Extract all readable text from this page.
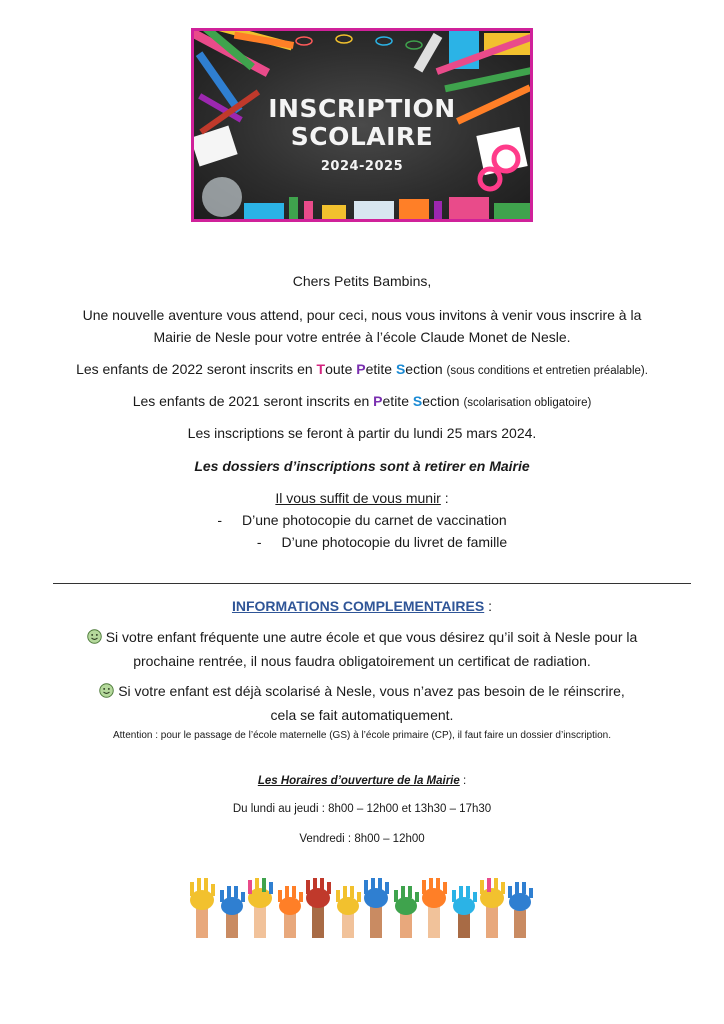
INSCRIPTION
SCOLAIRE
2024-2025
Chers Petits Bambins,
Une nouvelle aventure vous attend, pour ceci, nous vous invitons à venir vous inscrire à la
Mairie de Nesle pour votre entrée à l’école Claude Monet de Nesle.
Les enfants de 2022 seront inscrits en Toute Petite Section (sous conditions et entretien préalable).
Les enfants de 2021 seront inscrits en Petite Section (scolarisation obligatoire)
Les inscriptions se feront à partir du lundi 25 mars 2024.
Les dossiers d’inscriptions sont à retirer en Mairie
Il vous suffit de vous munir :
- D’une photocopie du carnet de vaccination
- D’une photocopie du livret de famille
INFORMATIONS COMPLEMENTAIRES :
Si votre enfant fréquente une autre école et que vous désirez qu’il soit à Nesle pour la
prochaine rentrée, il nous faudra obligatoirement un certificat de radiation.
Si votre enfant est déjà scolarisé à Nesle, vous n’avez pas besoin de le réinscrire,
cela se fait automatiquement.
Attention : pour le passage de l’école maternelle (GS) à l’école primaire (CP), il faut faire un dossier d’inscription.
Les Horaires d’ouverture de la Mairie :
Du lundi au jeudi : 8h00 – 12h00 et 13h30 – 17h30
Vendredi : 8h00 – 12h00
